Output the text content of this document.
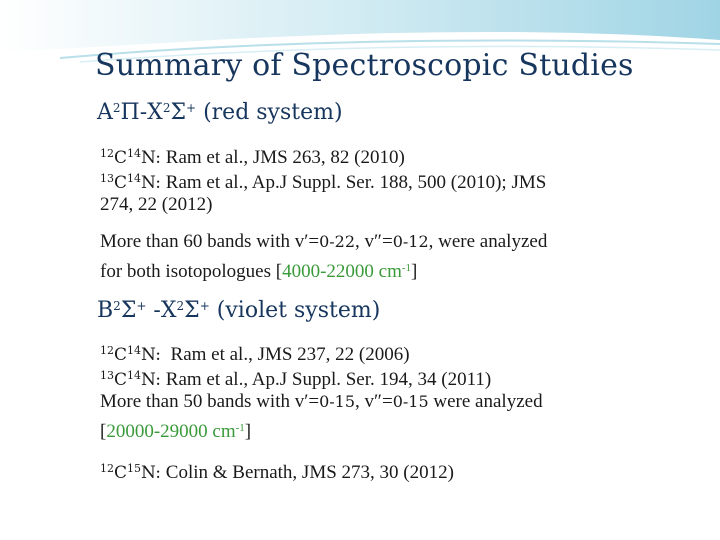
Summary of Spectroscopic Studies
$A^2\Pi-X^2\Sigma^+$ (red system)
$^{12}C^{14}N$: Ram et al., JMS 263, 82 (2010)
$^{13}C^{14}N$: Ram et al., Ap.J Suppl. Ser. 188, 500 (2010); JMS
274, 22 (2012)
More than 60 bands with v′=0-22, v″=0-12, were analyzed
for both isotopologues [4000-22000 $cm^{-1}$]
$B^2\Sigma^+$ $-X^2\Sigma^+$ (violet system)
$^{12}C^{14}N$:  Ram et al., JMS 237, 22 (2006)
$^{13}C^{14}N$: Ram et al., Ap.J Suppl. Ser. 194, 34 (2011)
More than 50 bands with v′=0-15, v″=0-15 were analyzed
[20000-29000 $cm^{-1}$]
$^{12}C^{15}N$: Colin & Bernath, JMS 273, 30 (2012)
